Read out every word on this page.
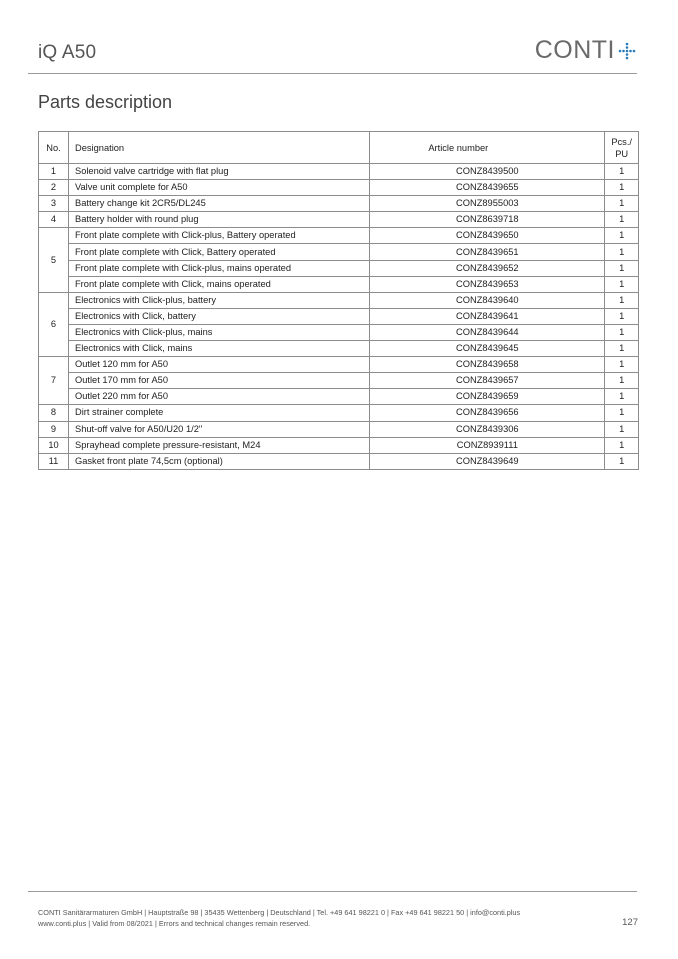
iQ A50	CONTI
Parts description
No.	Designation	Article number	Pcs./
PU
1	Solenoid valve cartridge with flat plug	CONZ8439500	1
2	Valve unit complete for A50	CONZ8439655	1
3	Battery change kit 2CR5/DL245	CONZ8955003	1
4	Battery holder with round plug	CONZ8639718	1
5	Front plate complete with Click-plus, Battery operated	CONZ8439650	1
	Front plate complete with Click, Battery operated	CONZ8439651	1
	Front plate complete with Click-plus, mains operated	CONZ8439652	1
	Front plate complete with Click, mains operated	CONZ8439653	1
6	Electronics with Click-plus, battery	CONZ8439640	1
	Electronics with Click, battery	CONZ8439641	1
	Electronics with Click-plus, mains	CONZ8439644	1
	Electronics with Click, mains	CONZ8439645	1
7	Outlet 120 mm for A50	CONZ8439658	1
	Outlet 170 mm for A50	CONZ8439657	1
	Outlet 220 mm for A50	CONZ8439659	1
8	Dirt strainer complete	CONZ8439656	1
9	Shut-off valve for A50/U20 1/2"	CONZ8439306	1
10	Sprayhead complete pressure-resistant, M24	CONZ8939111	1
11	Gasket front plate 74,5cm (optional)	CONZ8439649	1
CONTI Sanitärarmaturen GmbH | Hauptstraße 98 | 35435 Wettenberg | Deutschland | Tel. +49 641 98221 0 | Fax +49 641 98221 50 | info@conti.plus
www.conti.plus | Valid from 08/2021 | Errors and technical changes remain reserved.	127
